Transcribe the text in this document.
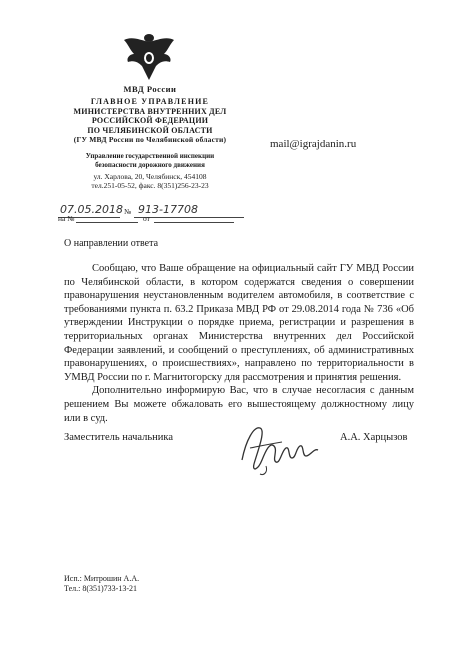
МВД России
ГЛАВНОЕ УПРАВЛЕНИЕ
МИНИСТЕРСТВА ВНУТРЕННИХ ДЕЛ
РОССИЙСКОЙ ФЕДЕРАЦИИ
ПО ЧЕЛЯБИНСКОЙ ОБЛАСТИ
(ГУ МВД России по Челябинской области)
Управление государственной инспекции
безопасности дорожного движения
ул. Харлова, 20, Челябинск, 454108
тел.251-05-52, факс. 8(351)256-23-23
07.05.2018 № 913-17708
на №	от
mail@igrajdanin.ru
О направлении ответа

Сообщаю, что Ваше обращение на официальный сайт ГУ МВД России по Челябинской области, в котором содержатся сведения о совершении правонарушения неустановленным водителем автомобиля, в соответствие с требованиями пункта п. 63.2 Приказа МВД РФ от 29.08.2014 года № 736 «Об утверждении Инструкции о порядке приема, регистрации и разрешения в территориальных органах Министерства внутренних дел Российской Федерации заявлений, и сообщений о преступлениях, об административных правонарушениях, о происшествиях», направлено по территориальности в УМВД России по г. Магнитогорску для рассмотрения и принятия решения.

Дополнительно информирую Вас, что в случае несогласия с данным решением Вы можете обжаловать его вышестоящему должностному лицу или в суд.

Заместитель начальника	А.А. Харцызов
Исп.: Митрошин А.А.
Тел.: 8(351)733-13-21
